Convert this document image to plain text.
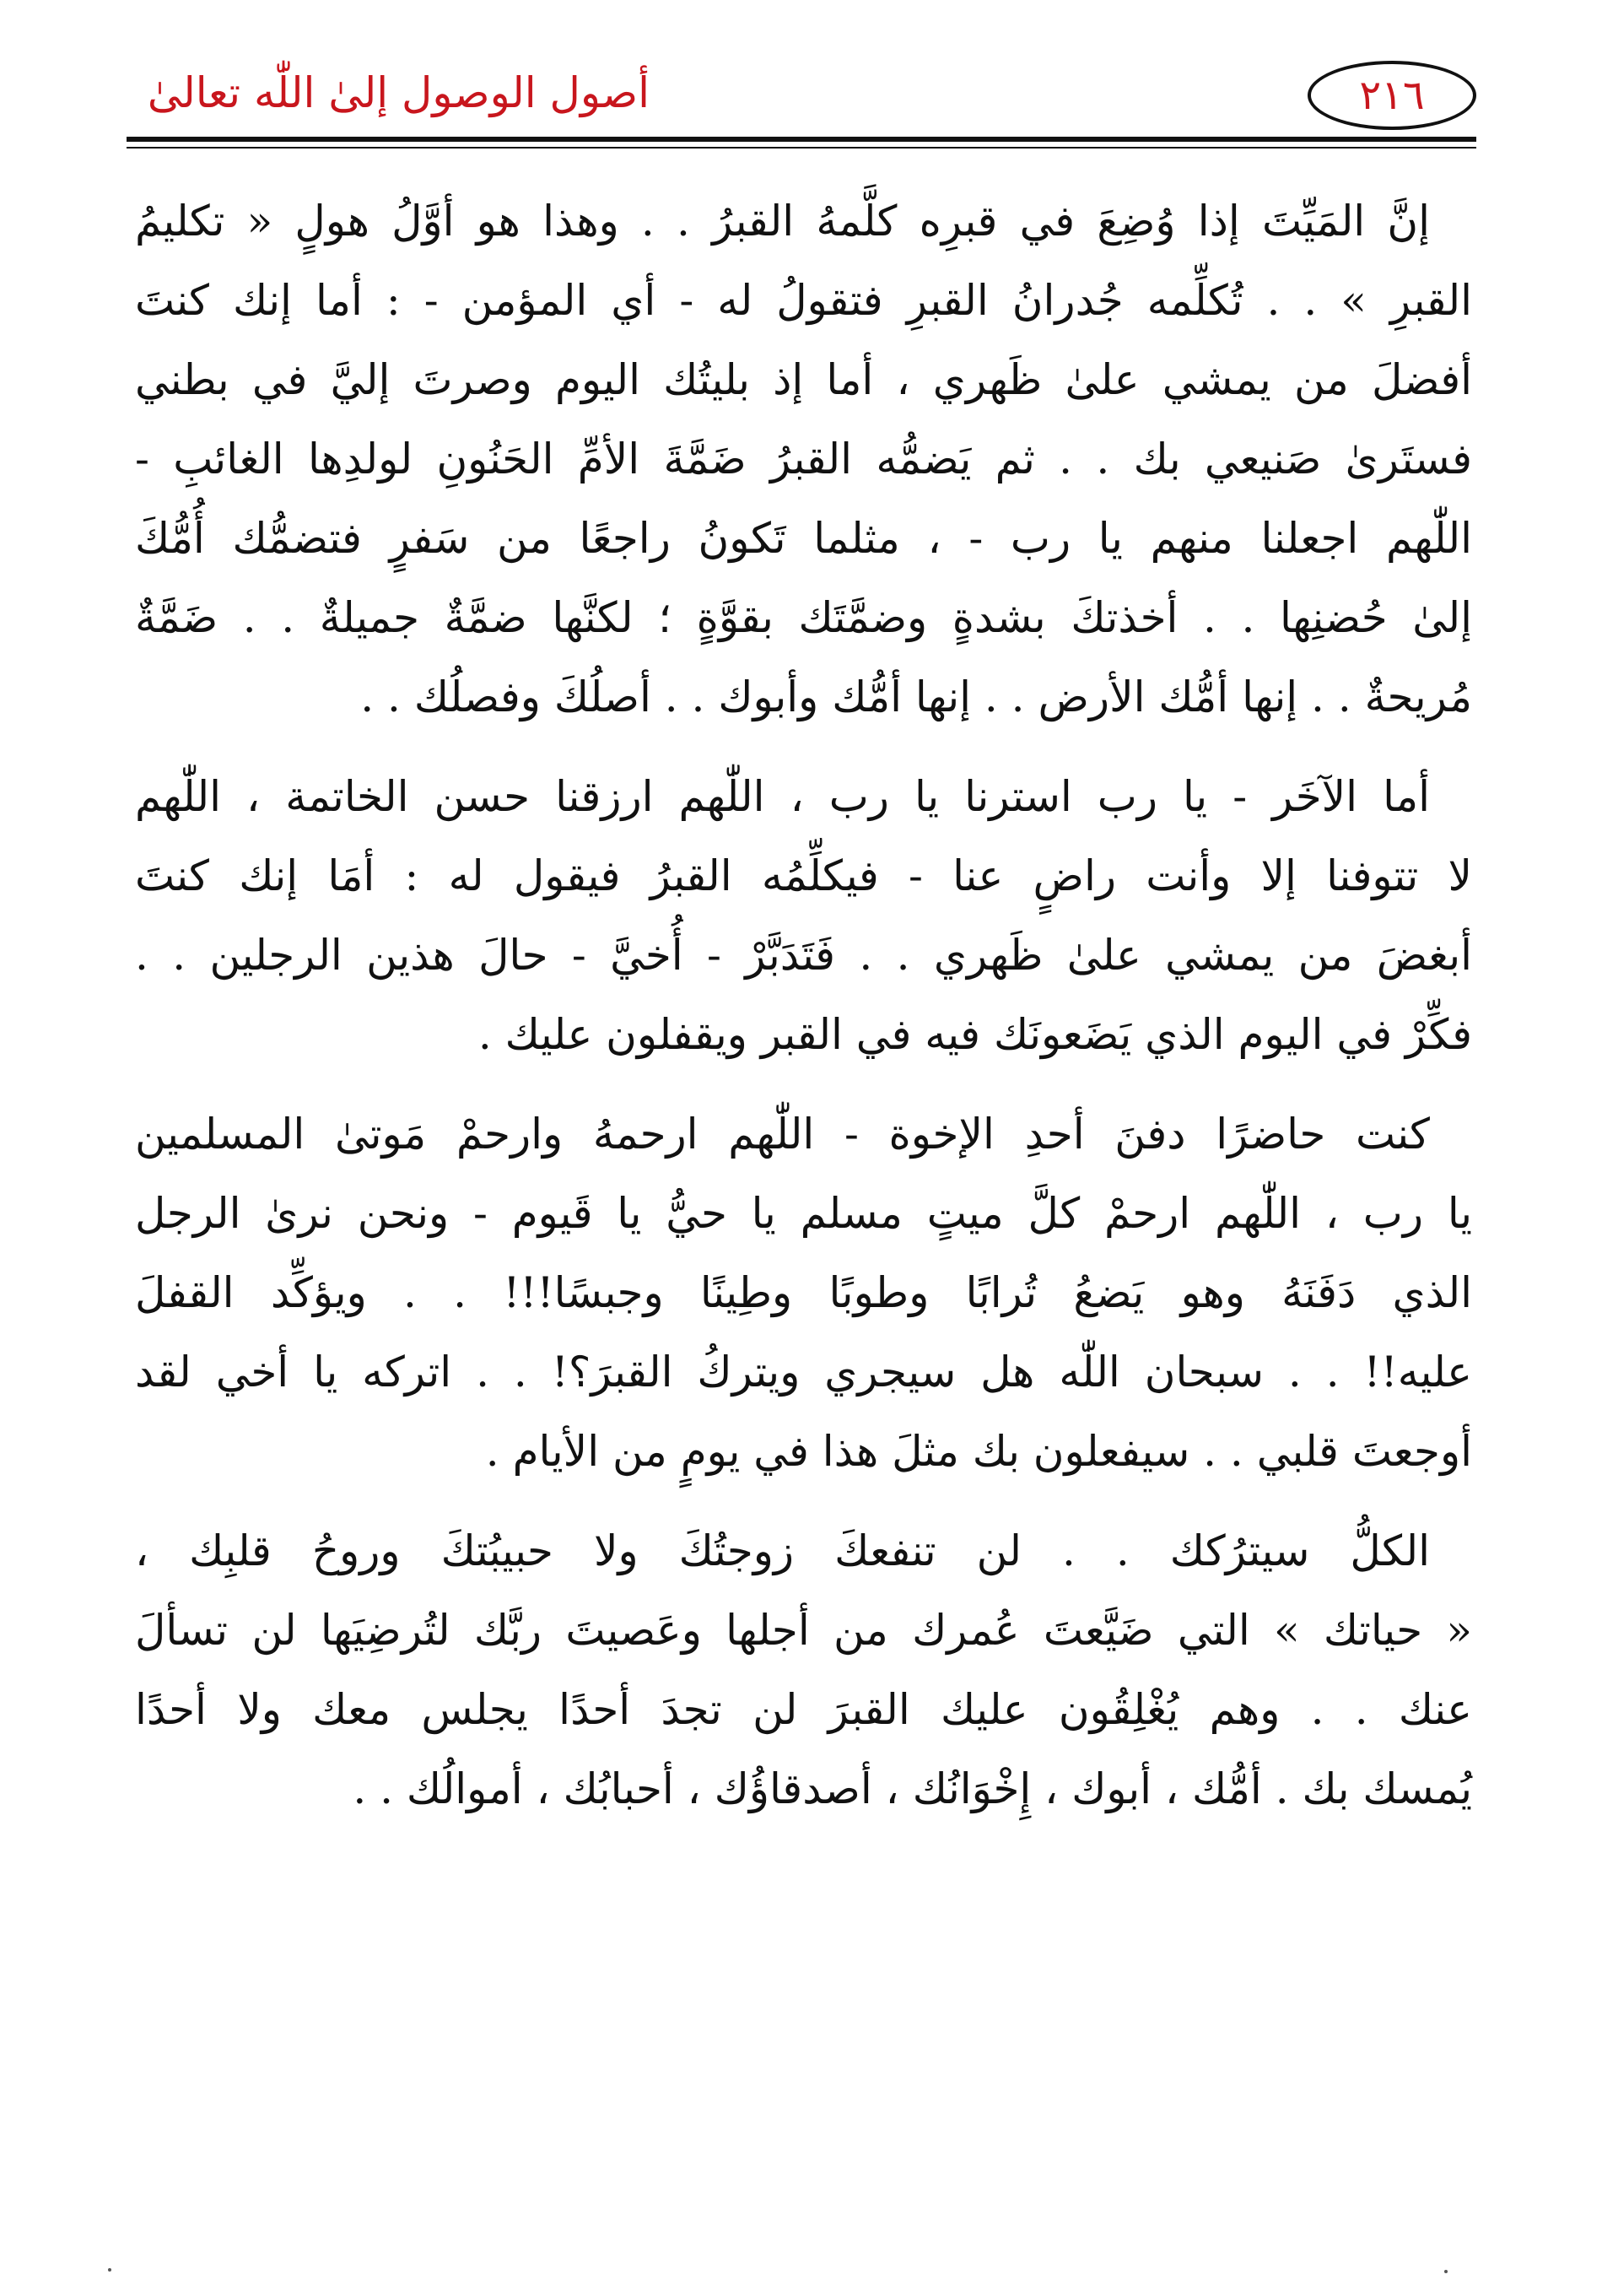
أصول الوصول إلىٰ اللّٰه تعالىٰ	٢١٦

إنَّ المَيِّتَ إذا وُضِعَ في قبرِه كلَّمهُ القبرُ . . وهذا هو أوَّلُ هولٍ « تكليمُ
القبرِ » . . تُكلِّمه جُدرانُ القبرِ فتقولُ له - أي المؤمن - : أما إنك كنتَ
أفضلَ من يمشي علىٰ ظَهري ، أما إذ بليتُك اليوم وصرتَ إليَّ في بطني
فستَرىٰ صَنيعي بك . . ثم يَضمُّه القبرُ ضَمَّةَ الأمِّ الحَنُونِ لولدِها الغائبِ -
اللّٰهم اجعلنا منهم يا رب - ، مثلما تَكونُ راجعًا من سَفرٍ فتضمُّك أُمُّكَ
إلىٰ حُضنِها . . أخذتكَ بشدةٍ وضمَّتَك بقوَّةٍ ؛ لكنَّها ضمَّةٌ جميلةٌ . . ضَمَّةٌ
مُريحةٌ . . إنها أمُّك الأرض . . إنها أمُّك وأبوك . . أصلُكَ وفصلُك . .

أما الآخَر - يا رب استرنا يا رب ، اللّٰهم ارزقنا حسن الخاتمة ، اللّٰهم
لا تتوفنا إلا وأنت راضٍ عنا - فيكلِّمُه القبرُ فيقول له : أمَا إنك كنتَ
أبغضَ من يمشي علىٰ ظَهري . . فَتَدَبَّرْ - أُخيَّ - حالَ هذين الرجلين . .
فكِّرْ في اليوم الذي يَضَعونَك فيه في القبر ويقفلون عليك .

كنت حاضرًا دفنَ أحدِ الإخوة - اللّٰهم ارحمهُ وارحمْ مَوتىٰ المسلمين
يا رب ، اللّٰهم ارحمْ كلَّ ميتٍ مسلم يا حيُّ يا قَيوم - ونحن نرىٰ الرجل
الذي دَفَنَهُ وهو يَضعُ تُرابًا وطوبًا وطِينًا وجبسًا!!! . . ويؤكِّد القفلَ
عليه!! . . سبحان اللّٰه هل سيجري ويتركُ القبرَ؟! . . اتركه يا أخي لقد
أوجعتَ قلبي . . سيفعلون بك مثلَ هذا في يومٍ من الأيام .

الكلُّ سيترُكك . . لن تنفعكَ زوجتُكَ ولا حبيبُتكَ وروحُ قلبِك ،
« حياتك » التي ضَيَّعتَ عُمرك من أجلها وعَصيتَ ربَّك لتُرضِيَها لن تسألَ
عنك . . وهم يُغْلِقُون عليك القبرَ لن تجدَ أحدًا يجلس معك ولا أحدًا
يُمسك بك . أمُّك ، أبوك ، إِخْوَانُك ، أصدقاؤُك ، أحبابُك ، أموالُك . .
